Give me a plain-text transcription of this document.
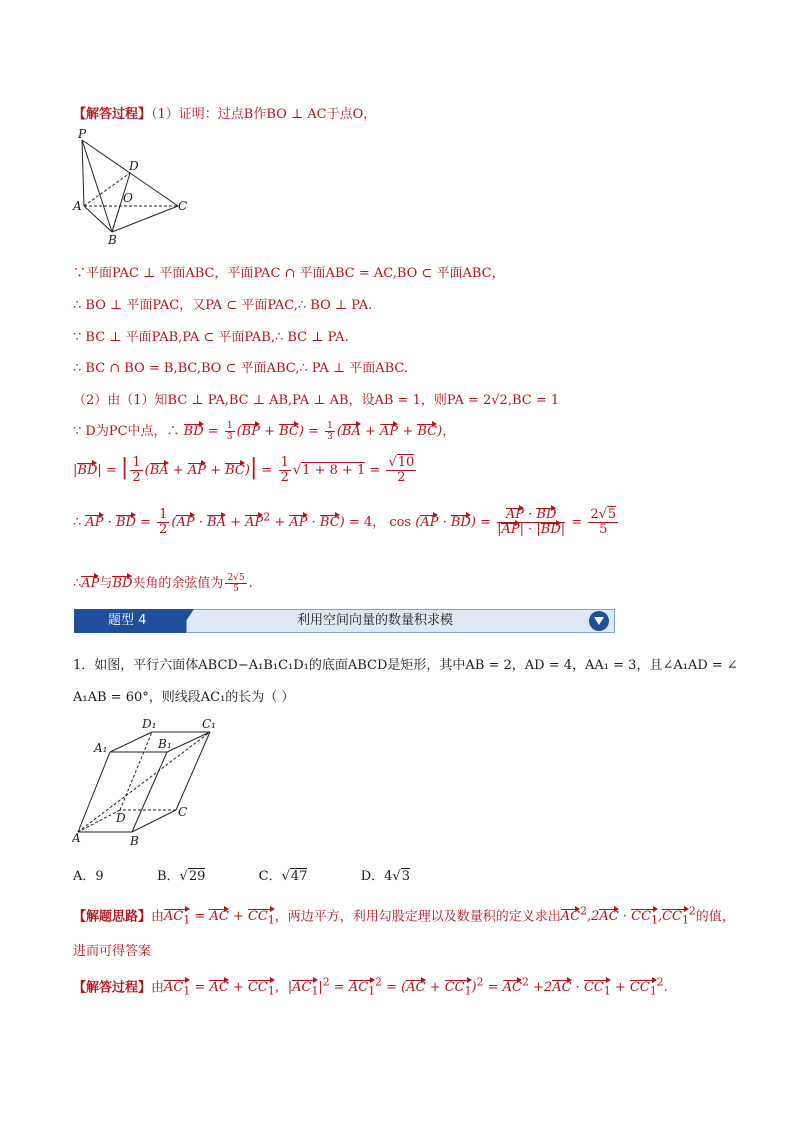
【解答过程】（1）证明：过点B作BO ⊥ AC于点O，
P
D
O
A	C
B
∵平面PAC ⊥ 平面ABC，平面PAC ∩ 平面ABC = AC,BO ⊂ 平面ABC，
∴ BO ⊥ 平面PAC，又PA ⊂ 平面PAC,∴ BO ⊥ PA.
∵ BC ⊥ 平面PAB,PA ⊂ 平面PAB,∴ BC ⊥ PA.
∴ BC ∩ BO = B,BC,BO ⊂ 平面ABC,∴ PA ⊥ 平面ABC.
（2）由（1）知BC ⊥ PA,BC ⊥ AB,PA ⊥ AB，设AB = 1，则PA = 2√2,BC = 1
∵ D为PC中点，∴ BD = $\frac{1}{3} (BP + BC) = \frac{1}{3} (BA$ + AP + BC)，
|BD| = | $\frac{1}{2} (BA$ + AP + $BC)| = \frac{1}{2} √1 + 8 + 1 = \frac{√10}{2}$
∴ AP · BD = $\frac{1}{2} (AP$ · BA + $AP^2$ + AP · BC) = 4， $\cos (AP \cdot BD) = \frac{AP \cdot BD}{|AP| \cdot |BD|} = \frac{2√5}{5}$
∴AP与BD夹角的余弦值为 $\frac{2√5}{5}$ .
利用空间向量的数量积求模
题型 4
1．如图，平行六面体ABCD−A₁B₁C₁D₁的底面ABCD是矩形，其中AB = 2，AD = 4，AA₁ = 3，且∠A₁AD = ∠
A₁AB = 60°，则线段AC₁的长为（ ）
D₁	C₁
A₁	B₁
D	C
A	B
A．9	B．√29	C．√47	D．4√3
【解题思路】由$AC_1$ = AC + $CC_1$，两边平方，利用勾股定理以及数量积的定义求出$AC^2,2AC \cdot CC_1,CC_1^2$的值，
进而可得答案
【解答过程】由$AC_1$ = AC + $CC_1$，$|AC_1|^2 = AC_1^2 = (AC + CC_1)^2 = AC^2 +2AC \cdot CC_1 + CC_1^2$.
